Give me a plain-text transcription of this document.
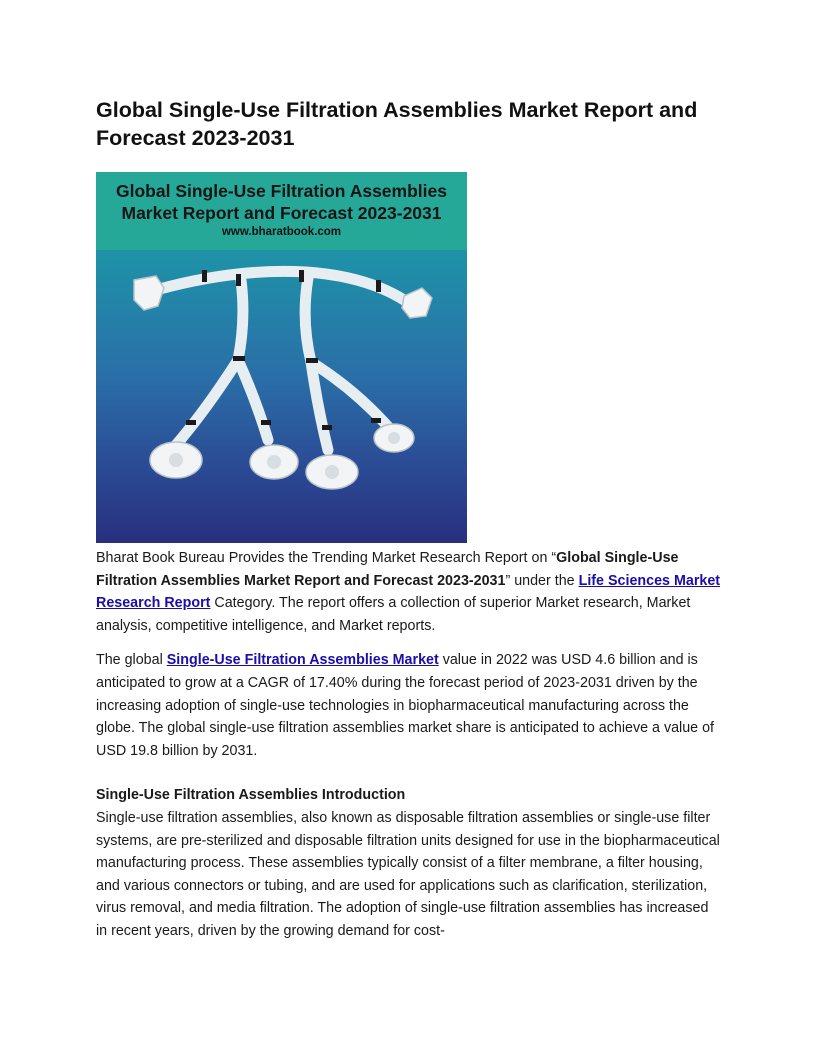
Global Single-Use Filtration Assemblies Market Report and Forecast 2023-2031
Global Single-Use Filtration Assemblies
Market Report and Forecast 2023-2031
www.bharatbook.com

Bharat Book Bureau Provides the Trending Market Research Report on “Global Single-Use Filtration Assemblies Market Report and Forecast 2023-2031” under the Life Sciences Market Research Report Category. The report offers a collection of superior Market research, Market analysis, competitive intelligence, and Market reports.

The global Single-Use Filtration Assemblies Market value in 2022 was USD 4.6 billion and is anticipated to grow at a CAGR of 17.40% during the forecast period of 2023-2031 driven by the increasing adoption of single-use technologies in biopharmaceutical manufacturing across the globe. The global single-use filtration assemblies market share is anticipated to achieve a value of USD 19.8 billion by 2031.

Single-Use Filtration Assemblies Introduction
Single-use filtration assemblies, also known as disposable filtration assemblies or single-use filter systems, are pre-sterilized and disposable filtration units designed for use in the biopharmaceutical manufacturing process. These assemblies typically consist of a filter membrane, a filter housing, and various connectors or tubing, and are used for applications such as clarification, sterilization, virus removal, and media filtration. The adoption of single-use filtration assemblies has increased in recent years, driven by the growing demand for cost-
